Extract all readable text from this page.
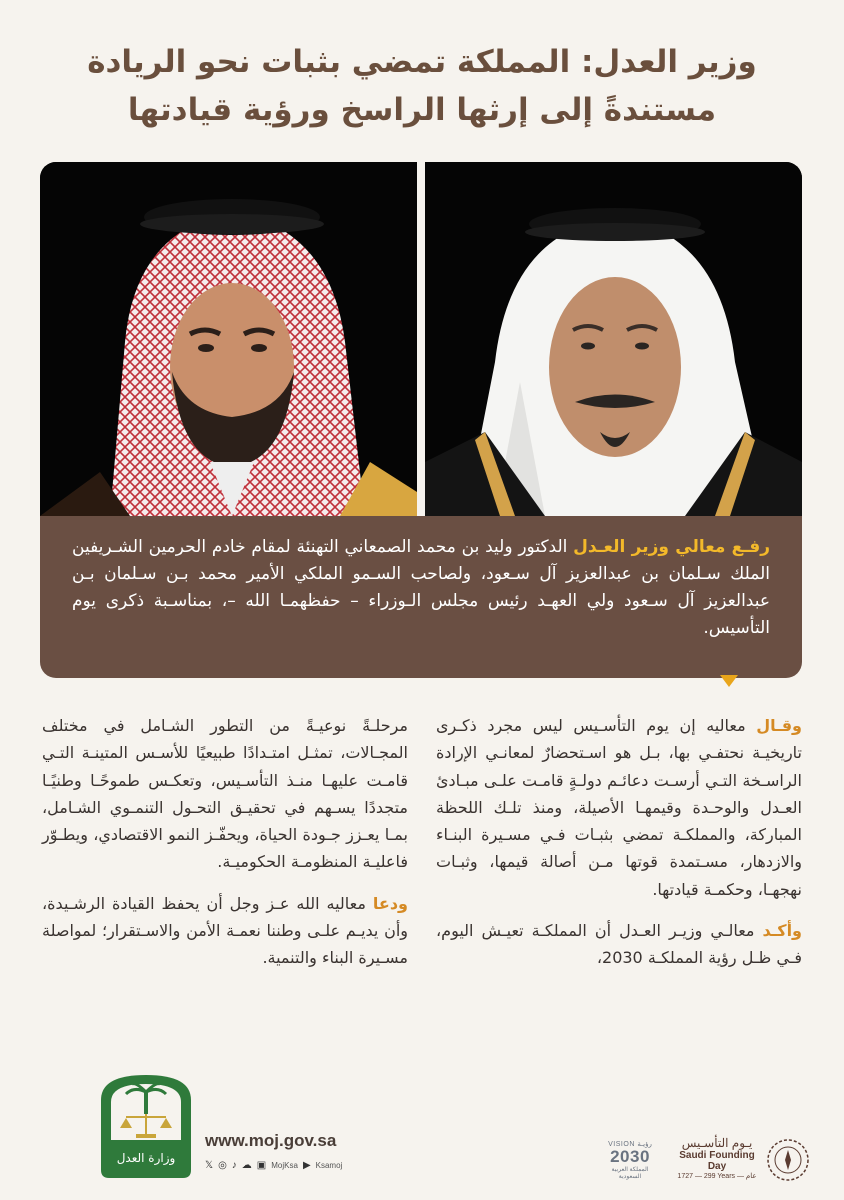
وزير العدل: المملكة تمضي بثبات نحو الريادة
مستندةً إلى إرثها الراسخ ورؤية قيادتها
رفـع معالي وزير العـدل الدكتور وليد بن محمد الصمعاني التهنئة لمقام خادم الحرمين الشـريفين الملك سـلمان بن عبدالعزيز آل سـعود، ولصاحب السـمو الملكي الأمير محمد بـن سـلمان بـن عبدالعزيز آل سـعود ولي العهـد رئيس مجلس الـوزراء – حفظهمـا الله –، بمناسـبة ذكرى يوم التأسيس.

وقـال معاليه إن يوم التأسـيس ليس مجرد ذكـرى تاريخيـة نحتفـي بها، بـل هو اسـتحضارٌ لمعانـي الإرادة الراسـخة التـي أرسـت دعائـم دولـةٍ قامـت علـى مبـادئ العـدل والوحـدة وقيمهـا الأصيلة، ومنذ تلـك اللحظة المباركة، والمملكـة تمضي بثبـات فـي مسـيرة البنـاء والازدهار، مسـتمدة قوتها مـن أصالة قيمها، وثبـات نهجهـا، وحكمـة قيادتها.

وأكـد معالـي وزيـر العـدل أن المملكـة تعيـش اليوم، فـي ظـل رؤية المملكـة 2030،

مرحلـةً نوعيـةً من التطور الشـامل في مختلف المجـالات، تمثـل امتـدادًا طبيعيًا للأسـس المتينـة التـي قامـت عليهـا منـذ التأسـيس، وتعكـس طموحًـا وطنيًـا متجددًا يسـهم في تحقيـق التحـول التنمـوي الشـامل، بمـا يعـزز جـودة الحياة، ويحفّـز النمو الاقتصادي، ويطـوّر فاعليـة المنظومـة الحكوميـة.

ودعا معاليه الله عـز وجل أن يحفظ القيادة الرشـيدة، وأن يديـم علـى وطننا نعمـة الأمن والاسـتقرار؛ لمواصلة مسـيرة البناء والتنمية.

وزارة العدل
www.moj.gov.sa
𝕏 ◎ ♪ ☁ ▣ MojKsa ▶ Ksamoj
VISION رؤيـة
2030
المملكة العربية السعودية
يـوم التأسـيس
Saudi Founding Day
1727 — 299 Years — عام
